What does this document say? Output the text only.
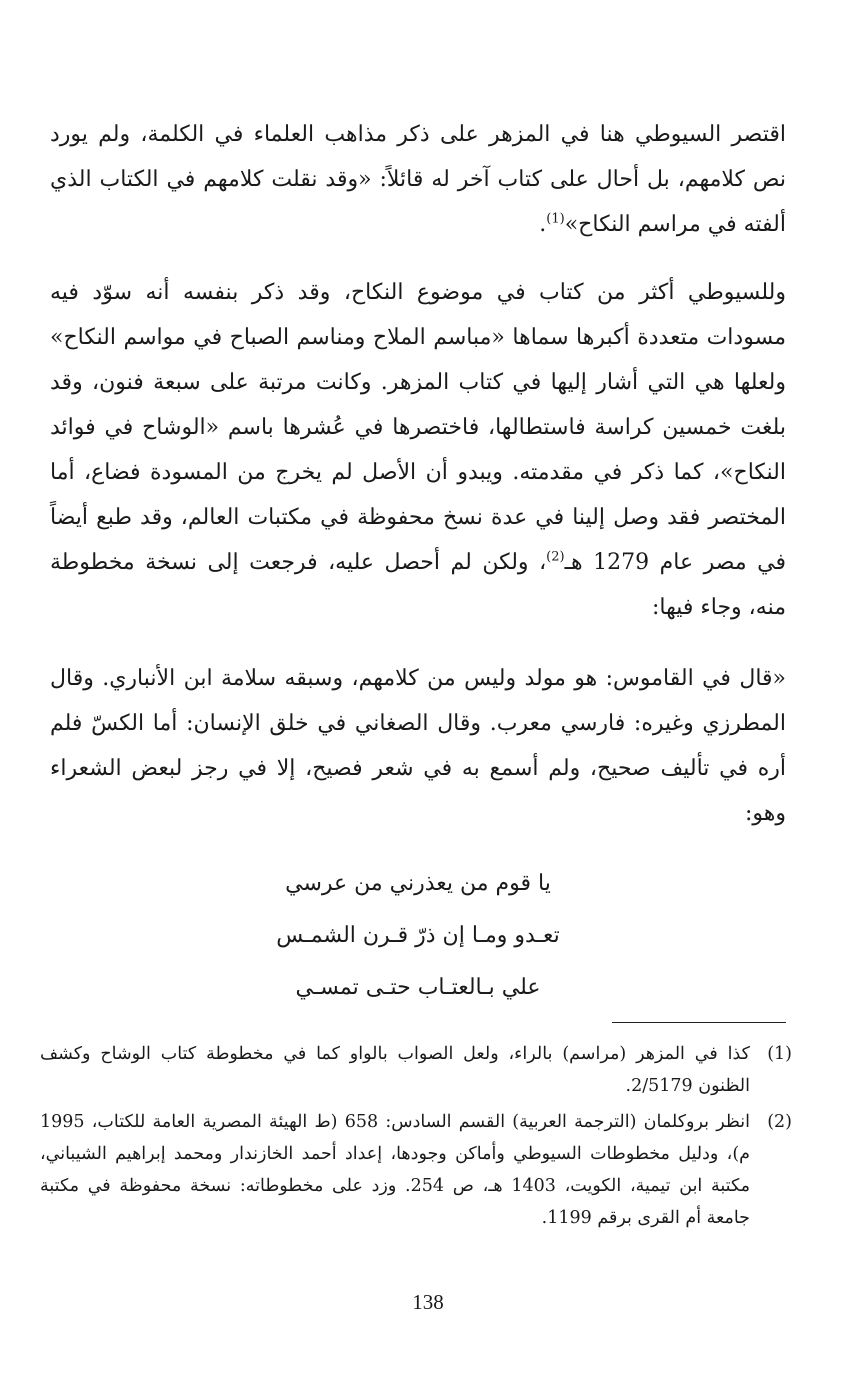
اقتصر السيوطي هنا في المزهر على ذكر مذاهب العلماء في الكلمة، ولم يورد نص كلامهم، بل أحال على كتاب آخر له قائلاً: «وقد نقلت كلامهم في الكتاب الذي ألفته في مراسم النكاح»$^{(1)}$.

وللسيوطي أكثر من كتاب في موضوع النكاح، وقد ذكر بنفسه أنه سوّد فيه مسودات متعددة أكبرها سماها «مباسم الملاح ومناسم الصباح في مواسم النكاح» ولعلها هي التي أشار إليها في كتاب المزهر. وكانت مرتبة على سبعة فنون، وقد بلغت خمسين كراسة فاستطالها، فاختصرها في عُشرها باسم «الوشاح في فوائد النكاح»، كما ذكر في مقدمته. ويبدو أن الأصل لم يخرج من المسودة فضاع، أما المختصر فقد وصل إلينا في عدة نسخ محفوظة في مكتبات العالم، وقد طبع أيضاً في مصر عام 1279 هـ$^{(2)}$، ولكن لم أحصل عليه، فرجعت إلى نسخة مخطوطة منه، وجاء فيها:

«قال في القاموس: هو مولد وليس من كلامهم، وسبقه سلامة ابن الأنباري. وقال المطرزي وغيره: فارسي معرب. وقال الصغاني في خلق الإنسان: أما الكسّ فلم أره في تأليف صحيح، ولم أسمع به في شعر فصيح، إلا في رجز لبعض الشعراء وهو:

يا قوم من يعذرني من عرسي
تعـدو ومـا إن ذرّ قـرن الشمـس
علي بـالعتـاب حتـى تمسـي
(1)
كذا في المزهر (مراسم) بالراء، ولعل الصواب بالواو كما في مخطوطة كتاب الوشاح وكشف الظنون 2/5179.
(2)
انظر بروكلمان (الترجمة العربية) القسم السادس: 658 (ط الهيئة المصرية العامة للكتاب، 1995 م)، ودليل مخطوطات السيوطي وأماكن وجودها، إعداد أحمد الخازندار ومحمد إبراهيم الشيباني، مكتبة ابن تيمية، الكويت، 1403 هـ، ص 254. وزد على مخطوطاته: نسخة محفوظة في مكتبة جامعة أم القرى برقم 1199.
138
